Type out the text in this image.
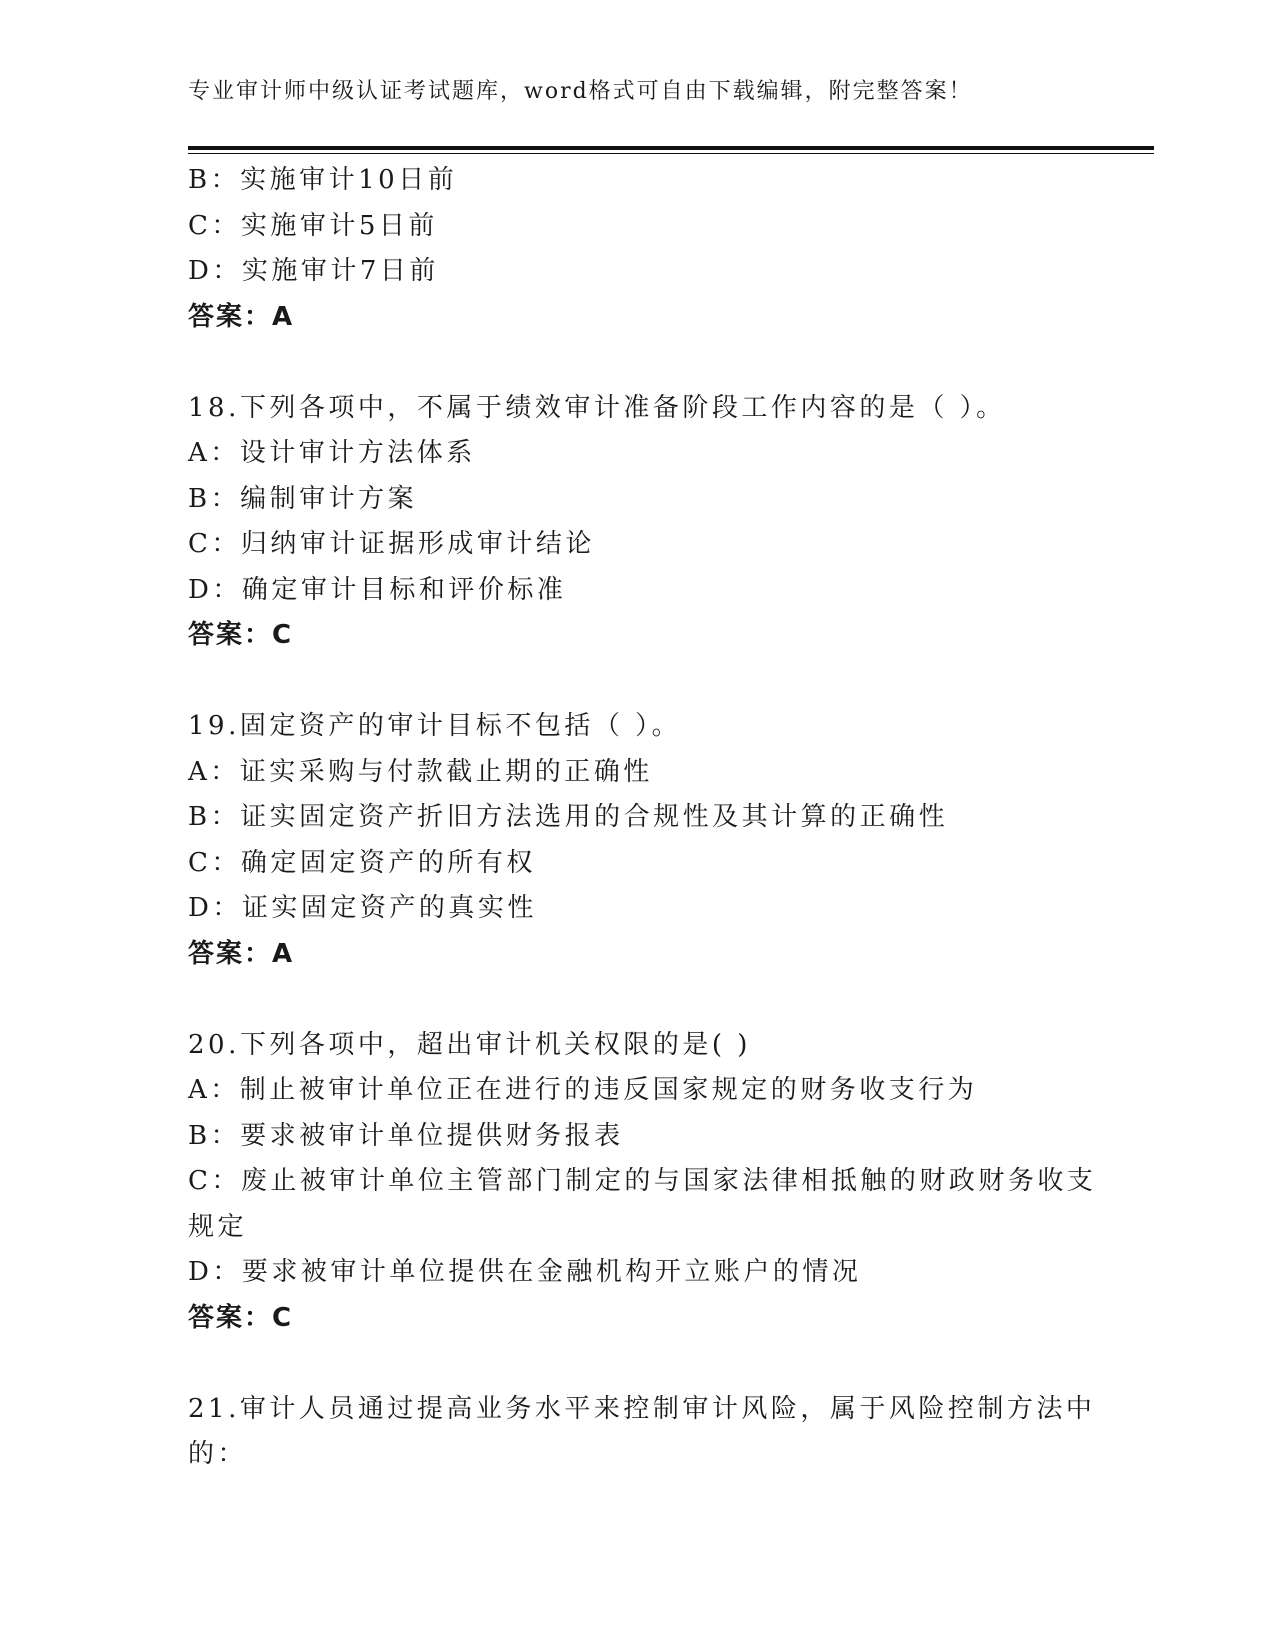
专业审计师中级认证考试题库，word格式可自由下载编辑，附完整答案！
B：实施审计10日前
C：实施审计5日前
D：实施审计7日前
答案：A
18.下列各项中，不属于绩效审计准备阶段工作内容的是（ ）。
A：设计审计方法体系
B：编制审计方案
C：归纳审计证据形成审计结论
D：确定审计目标和评价标准
答案：C
19.固定资产的审计目标不包括（ ）。
A：证实采购与付款截止期的正确性
B：证实固定资产折旧方法选用的合规性及其计算的正确性
C：确定固定资产的所有权
D：证实固定资产的真实性
答案：A
20.下列各项中，超出审计机关权限的是( )
A：制止被审计单位正在进行的违反国家规定的财务收支行为
B：要求被审计单位提供财务报表
C：废止被审计单位主管部门制定的与国家法律相抵触的财政财务收支
规定
D：要求被审计单位提供在金融机构开立账户的情况
答案：C
21.审计人员通过提高业务水平来控制审计风险，属于风险控制方法中
的：
